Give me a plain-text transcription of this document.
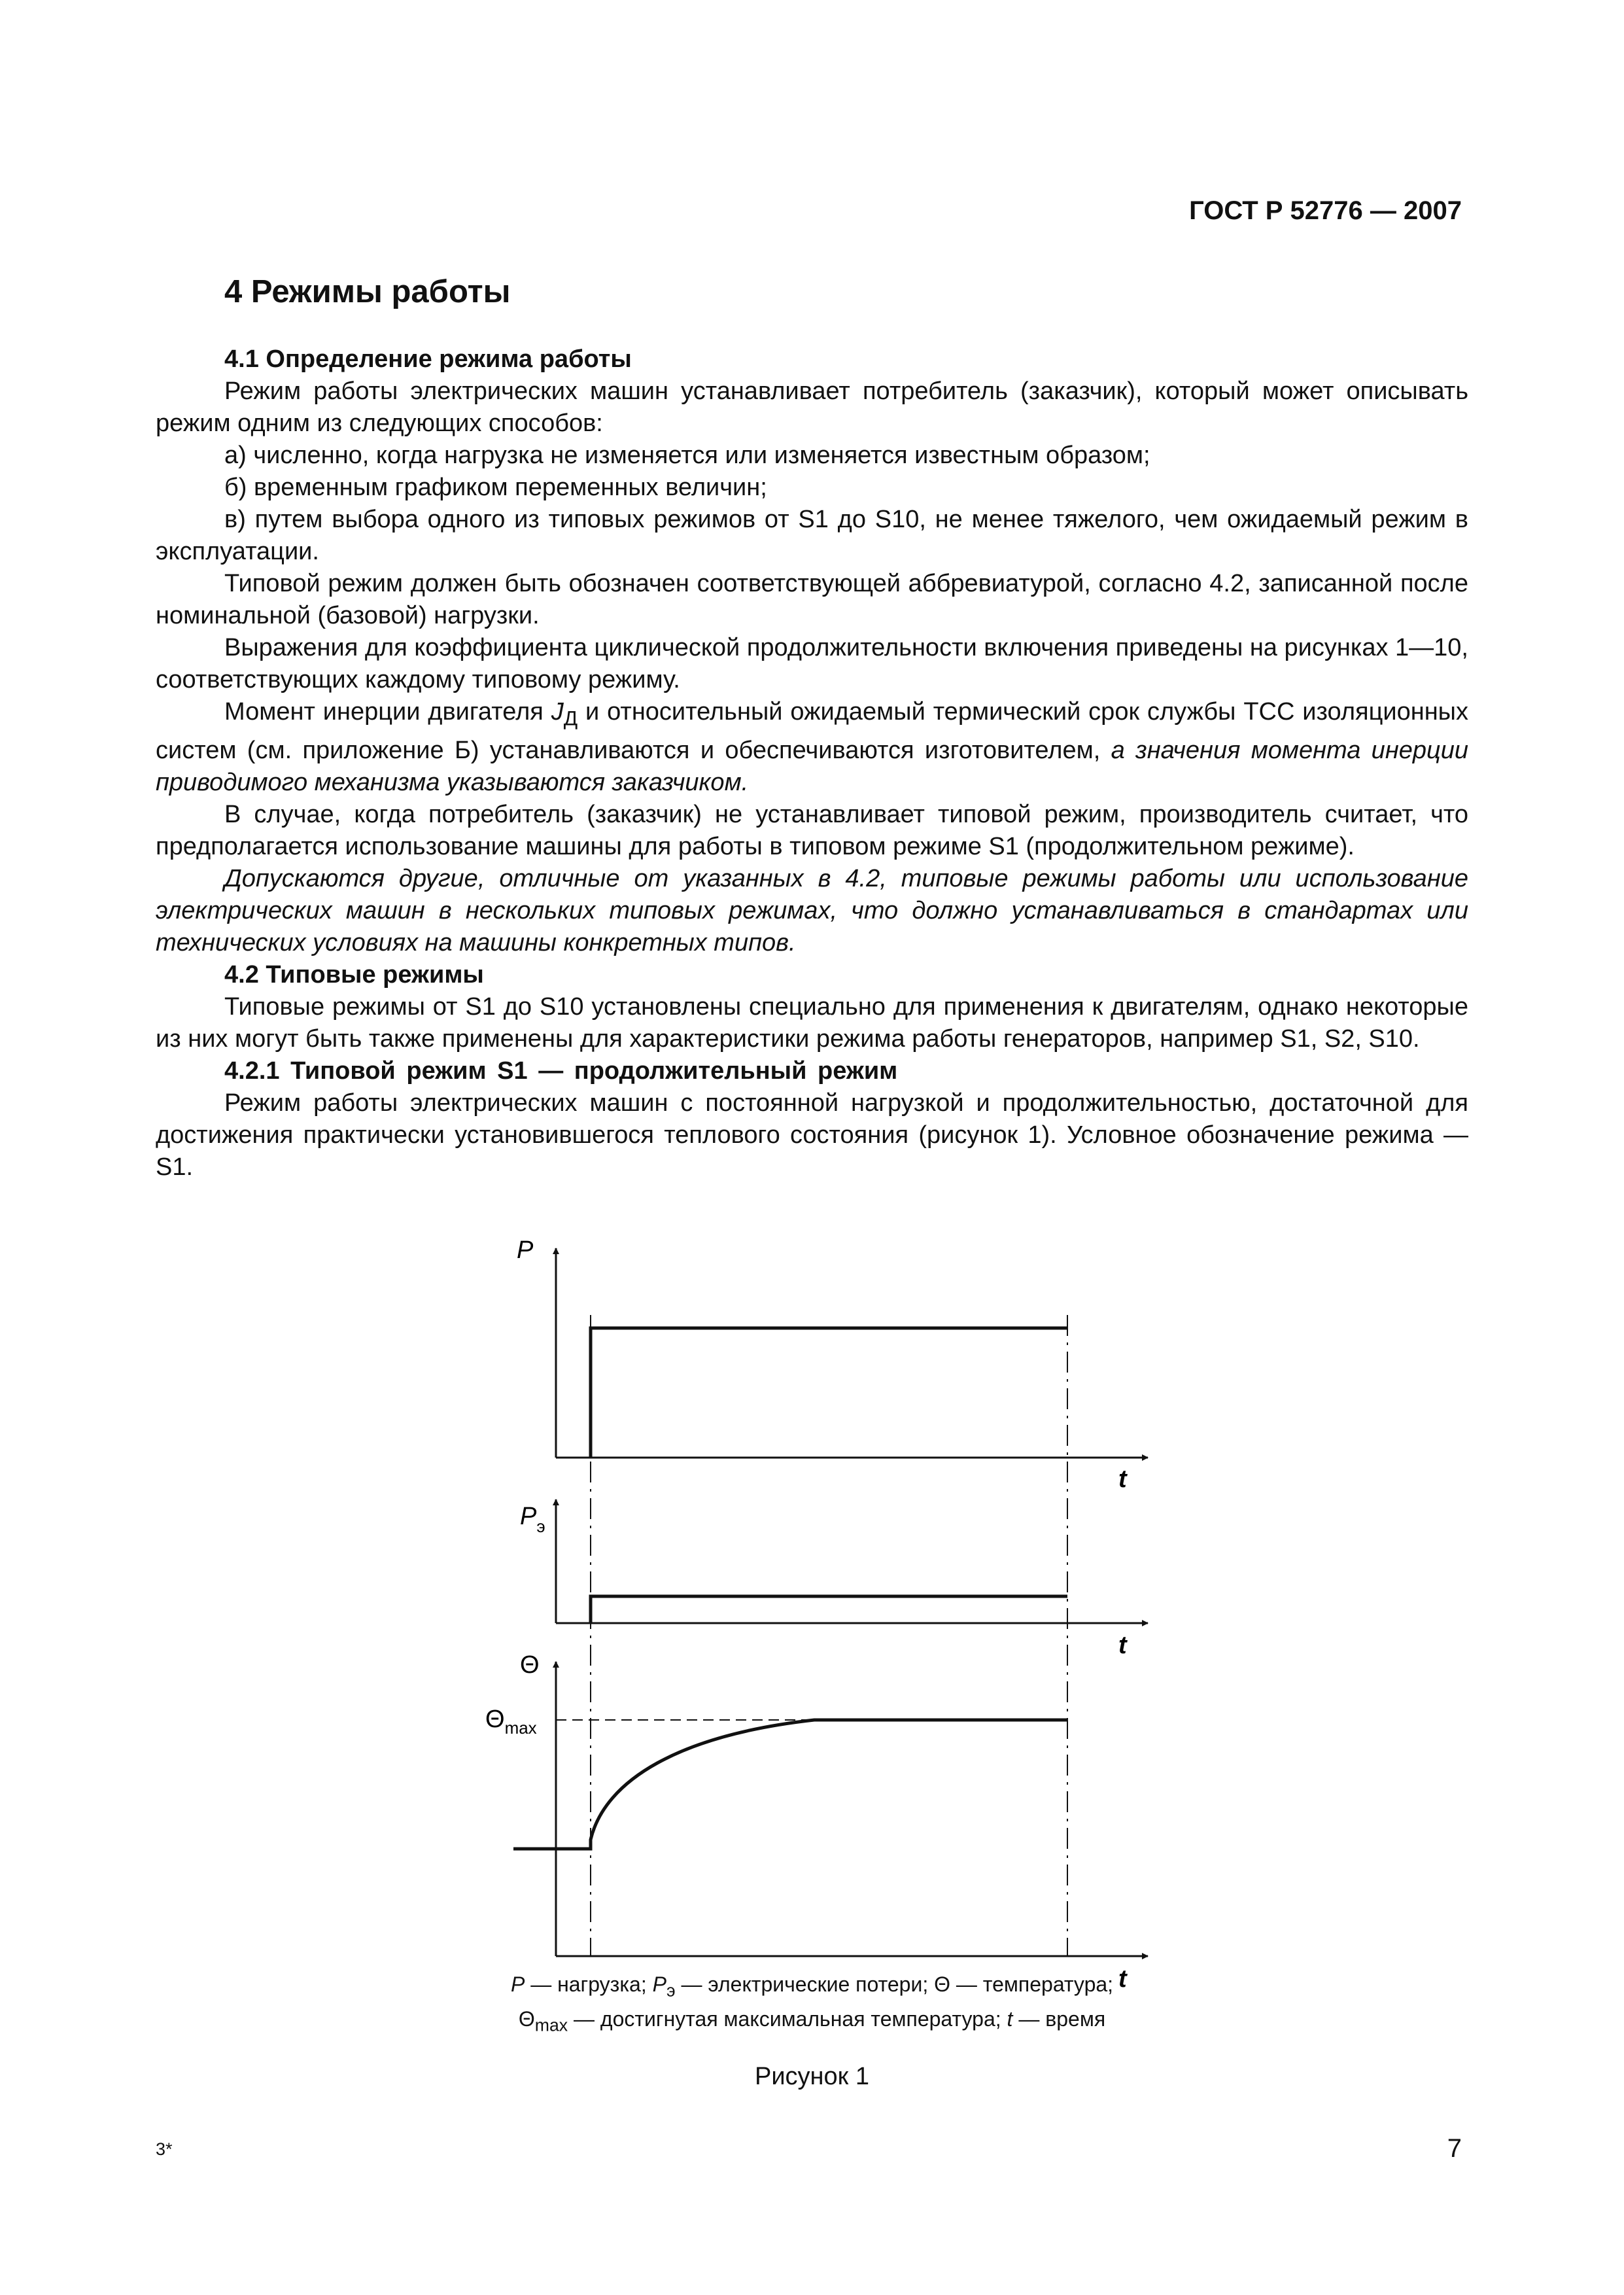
ГОСТ Р 52776 — 2007
4 Режимы работы

4.1 Определение режима работы

Режим работы электрических машин устанавливает потребитель (заказчик), который может описывать режим одним из следующих способов:

а) численно, когда нагрузка не изменяется или изменяется известным образом;

б) временным графиком переменных величин;

в) путем выбора одного из типовых режимов от S1 до S10, не менее тяжелого, чем ожидаемый режим в эксплуатации.

Типовой режим должен быть обозначен соответствующей аббревиатурой, согласно 4.2, записанной после номинальной (базовой) нагрузки.

Выражения для коэффициента циклической продолжительности включения приведены на рисунках 1—10, соответствующих каждому типовому режиму.

Момент инерции двигателя $J_Д$ и относительный ожидаемый термический срок службы ТСС изоляционных систем (см. приложение Б) устанавливаются и обеспечиваются изготовителем, а значения момента инерции приводимого механизма указываются заказчиком.

В случае, когда потребитель (заказчик) не устанавливает типовой режим, производитель считает, что предполагается использование машины для работы в типовом режиме S1 (продолжительном режиме).

Допускаются другие, отличные от указанных в 4.2, типовые режимы работы или использование электрических машин в нескольких типовых режимах, что должно устанавливаться в стандартах или технических условиях на машины конкретных типов.

4.2 Типовые режимы

Типовые режимы от S1 до S10 установлены специально для применения к двигателям, однако некоторые из них могут быть также применены для характеристики режима работы генераторов, например S1, S2, S10.

4.2.1 Типовой режим S1 — продолжительный режим

Режим работы электрических машин с постоянной нагрузкой и продолжительностью, достаточной для достижения практически установившегося теплового состояния (рисунок 1). Условное обозначение режима — S1.

P
t
$P_э$
t
Θ
$\Theta_{max}$
t
P — нагрузка; $P_э$ — электрические потери; Θ — температура;
$\Theta_{max}$ — достигнутая максимальная температура; t — время
Рисунок 1
3*	7
